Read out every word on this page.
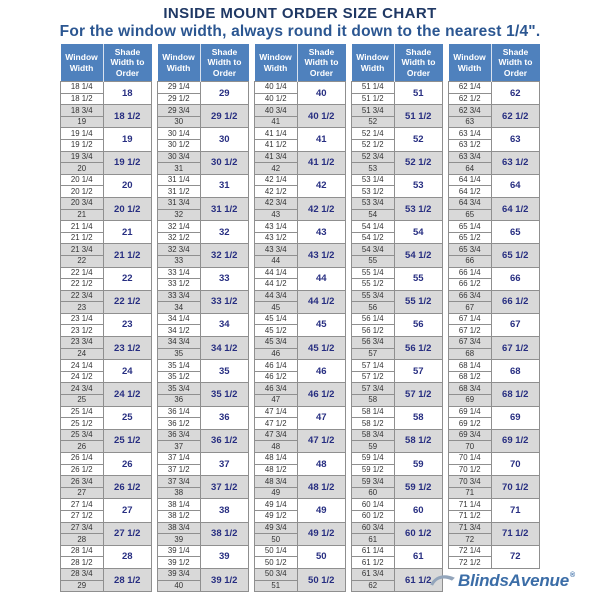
INSIDE MOUNT ORDER SIZE CHART
For the window width, always round it down to the nearest 1/4".
Window Width	Shade Width to Order
18 1/4	18
18 1/2	
18 3/4	18 1/2
19	
19 1/4	19
19 1/2	
19 3/4	19 1/2
20	
20 1/4	20
20 1/2	
20 3/4	20 1/2
21	
21 1/4	21
21 1/2	
21 3/4	21 1/2
22	
22 1/4	22
22 1/2	
22 3/4	22 1/2
23	
23 1/4	23
23 1/2	
23 3/4	23 1/2
24	
24 1/4	24
24 1/2	
24 3/4	24 1/2
25	
25 1/4	25
25 1/2	
25 3/4	25 1/2
26	
26 1/4	26
26 1/2	
26 3/4	26 1/2
27	
27 1/4	27
27 1/2	
27 3/4	27 1/2
28	
28 1/4	28
28 1/2	
28 3/4	28 1/2
29	
Window Width	Shade Width to Order
29 1/4	29
29 1/2	
29 3/4	29 1/2
30	
30 1/4	30
30 1/2	
30 3/4	30 1/2
31	
31 1/4	31
31 1/2	
31 3/4	31 1/2
32	
32 1/4	32
32 1/2	
32 3/4	32 1/2
33	
33 1/4	33
33 1/2	
33 3/4	33 1/2
34	
34 1/4	34
34 1/2	
34 3/4	34 1/2
35	
35 1/4	35
35 1/2	
35 3/4	35 1/2
36	
36 1/4	36
36 1/2	
36 3/4	36 1/2
37	
37 1/4	37
37 1/2	
37 3/4	37 1/2
38	
38 1/4	38
38 1/2	
38 3/4	38 1/2
39	
39 1/4	39
39 1/2	
39 3/4	39 1/2
40	
Window Width	Shade Width to Order
40 1/4	40
40 1/2	
40 3/4	40 1/2
41	
41 1/4	41
41 1/2	
41 3/4	41 1/2
42	
42 1/4	42
42 1/2	
42 3/4	42 1/2
43	
43 1/4	43
43 1/2	
43 3/4	43 1/2
44	
44 1/4	44
44 1/2	
44 3/4	44 1/2
45	
45 1/4	45
45 1/2	
45 3/4	45 1/2
46	
46 1/4	46
46 1/2	
46 3/4	46 1/2
47	
47 1/4	47
47 1/2	
47 3/4	47 1/2
48	
48 1/4	48
48 1/2	
48 3/4	48 1/2
49	
49 1/4	49
49 1/2	
49 3/4	49 1/2
50	
50 1/4	50
50 1/2	
50 3/4	50 1/2
51	
Window Width	Shade Width to Order
51 1/4	51
51 1/2	
51 3/4	51 1/2
52	
52 1/4	52
52 1/2	
52 3/4	52 1/2
53	
53 1/4	53
53 1/2	
53 3/4	53 1/2
54	
54 1/4	54
54 1/2	
54 3/4	54 1/2
55	
55 1/4	55
55 1/2	
55 3/4	55 1/2
56	
56 1/4	56
56 1/2	
56 3/4	56 1/2
57	
57 1/4	57
57 1/2	
57 3/4	57 1/2
58	
58 1/4	58
58 1/2	
58 3/4	58 1/2
59	
59 1/4	59
59 1/2	
59 3/4	59 1/2
60	
60 1/4	60
60 1/2	
60 3/4	60 1/2
61	
61 1/4	61
61 1/2	
61 3/4	61 1/2
62	
Window Width	Shade Width to Order
62 1/4	62
62 1/2	
62 3/4	62 1/2
63	
63 1/4	63
63 1/2	
63 3/4	63 1/2
64	
64 1/4	64
64 1/2	
64 3/4	64 1/2
65	
65 1/4	65
65 1/2	
65 3/4	65 1/2
66	
66 1/4	66
66 1/2	
66 3/4	66 1/2
67	
67 1/4	67
67 1/2	
67 3/4	67 1/2
68	
68 1/4	68
68 1/2	
68 3/4	68 1/2
69	
69 1/4	69
69 1/2	
69 3/4	69 1/2
70	
70 1/4	70
70 1/2	
70 3/4	70 1/2
71	
71 1/4	71
71 1/2	
71 3/4	71 1/2
72	
72 1/4	72
72 1/2	
BlindsAvenue ®
